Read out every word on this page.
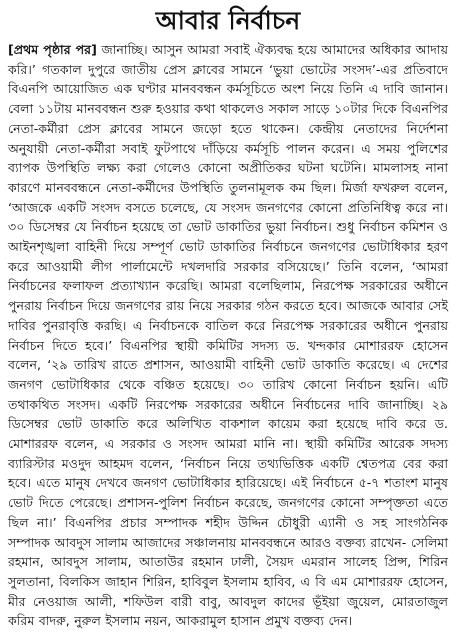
আবার নির্বাচন

[প্রথম পৃষ্ঠার পর] জানাচ্ছি। আসুন আমরা সবাই ঐক্যবদ্ধ হয়ে আমাদের অধিকার আদায় করি।’ গতকাল দুপুরে জাতীয় প্রেস ক্লাবের সামনে ‘ভুয়া ভোটের সংসদ’-এর প্রতিবাদে বিএনপি আয়োজিত এক ঘণ্টার মানববন্ধন কর্মসূচিতে অংশ নিয়ে তিনি এ দাবি জানান। বেলা ১১টায় মানববন্ধন শুরু হওয়ার কথা থাকলেও সকাল সাড়ে ১০টার দিকে বিএনপির নেতা-কর্মীরা প্রেস ক্লাবের সামনে জড়ো হতে থাকেন। কেন্দ্রীয় নেতাদের নির্দেশনা অনুযায়ী নেতা-কর্মীরা সবাই ফুটপাথে দাঁড়িয়ে কর্মসূচি পালন করেন। এ সময় পুলিশের ব্যাপক উপস্থিতি লক্ষ্য করা গেলেও কোনো অপ্রীতিকর ঘটনা ঘটেনি। মামলাসহ নানা কারণে মানববন্ধনে নেতা-কর্মীদের উপস্থিতি তুলনামূলক কম ছিল। মির্জা ফখরুল বলেন, ‘আজকে একটি সংসদ বসতে চলেছে, যে সংসদ জনগণের কোনো প্রতিনিধিত্ব করে না। ৩০ ডিসেম্বর যে নির্বাচন হয়েছে তা ভোট ডাকাতির ভুয়া নির্বাচন। শুধু নির্বাচন কমিশন ও আইনশৃঙ্খলা বাহিনী দিয়ে সম্পূর্ণ ভোট ডাকাতির নির্বাচনে জনগণের ভোটাধিকার হরণ করে আওয়ামী লীগ পার্লামেন্টে দখলদারি সরকার বসিয়েছে।’ তিনি বলেন, ‘আমরা নির্বাচনের ফলাফল প্রত্যাখ্যান করেছি। আমরা বলেছিলাম, নিরপেক্ষ সরকারের অধীনে পুনরায় নির্বাচন দিয়ে জনগণের রায় নিয়ে সরকার গঠন করতে হবে। আজকে আবার সেই দাবির পুনরাবৃত্তি করছি। এ নির্বাচনকে বাতিল করে নিরপেক্ষ সরকারের অধীনে পুনরায় নির্বাচন দিতে হবে।’ বিএনপির স্থায়ী কমিটির সদস্য ড. খন্দকার মোশাররফ হোসেন বলেন, ‘২৯ তারিখ রাতে প্রশাসন, আওয়ামী বাহিনী ভোট ডাকাতি করেছে। এ দেশের জনগণ ভোটাধিকার থেকে বঞ্চিত হয়েছে। ৩০ তারিখ কোনো নির্বাচন হয়নি। এটি তথাকথিত সংসদ। একটি নিরপেক্ষ সরকারের অধীনে নির্বাচনের দাবি জানাচ্ছি। ২৯ ডিসেম্বর ভোট ডাকাতি করে অলিখিত বাকশাল কায়েম করা হয়েছে দাবি করে ড. মোশাররফ বলেন, এ সরকার ও সংসদ আমরা মানি না। স্থায়ী কমিটির আরেক সদস্য ব্যারিস্টার মওদুদ আহমদ বলেন, ‘নির্বাচন নিয়ে তথ্যভিত্তিক একটি শ্বেতপত্র বের করা হবে। এতে মানুষ দেখবে জনগণ ভোটাধিকার হারিয়েছে। এই নির্বাচনে ৫-৭ শতাংশ মানুষ ভোট দিতে পেরেছে। প্রশাসন-পুলিশ নির্বাচন করেছে, জনগণের কোনো সম্পৃক্ততা এতে ছিল না।’ বিএনপির প্রচার সম্পাদক শহীদ উদ্দিন চৌধুরী এ্যানী ও সহ সাংগঠনিক সম্পাদক আবদুস সালাম আজাদের সঞ্চালনায় মানববন্ধনে আরও বক্তব্য রাখেন- সেলিমা রহমান, আবদুস সালাম, আতাউর রহমান ঢালী, সৈয়দ এমরান সালেহ প্রিন্স, শিরিন সুলতানা, বিলকিস জাহান শিরিন, হাবিবুল ইসলাম হাবিব, এ বি এম মোশাররফ হোসেন, মীর নেওয়াজ আলী, শফিউল বারী বাবু, আবদুল কাদের ভূঁইয়া জুয়েল, মোরতাজুল করিম বাদরু, নুরুল ইসলাম নয়ন, আকরামুল হাসান প্রমুখ বক্তব্য দেন।
